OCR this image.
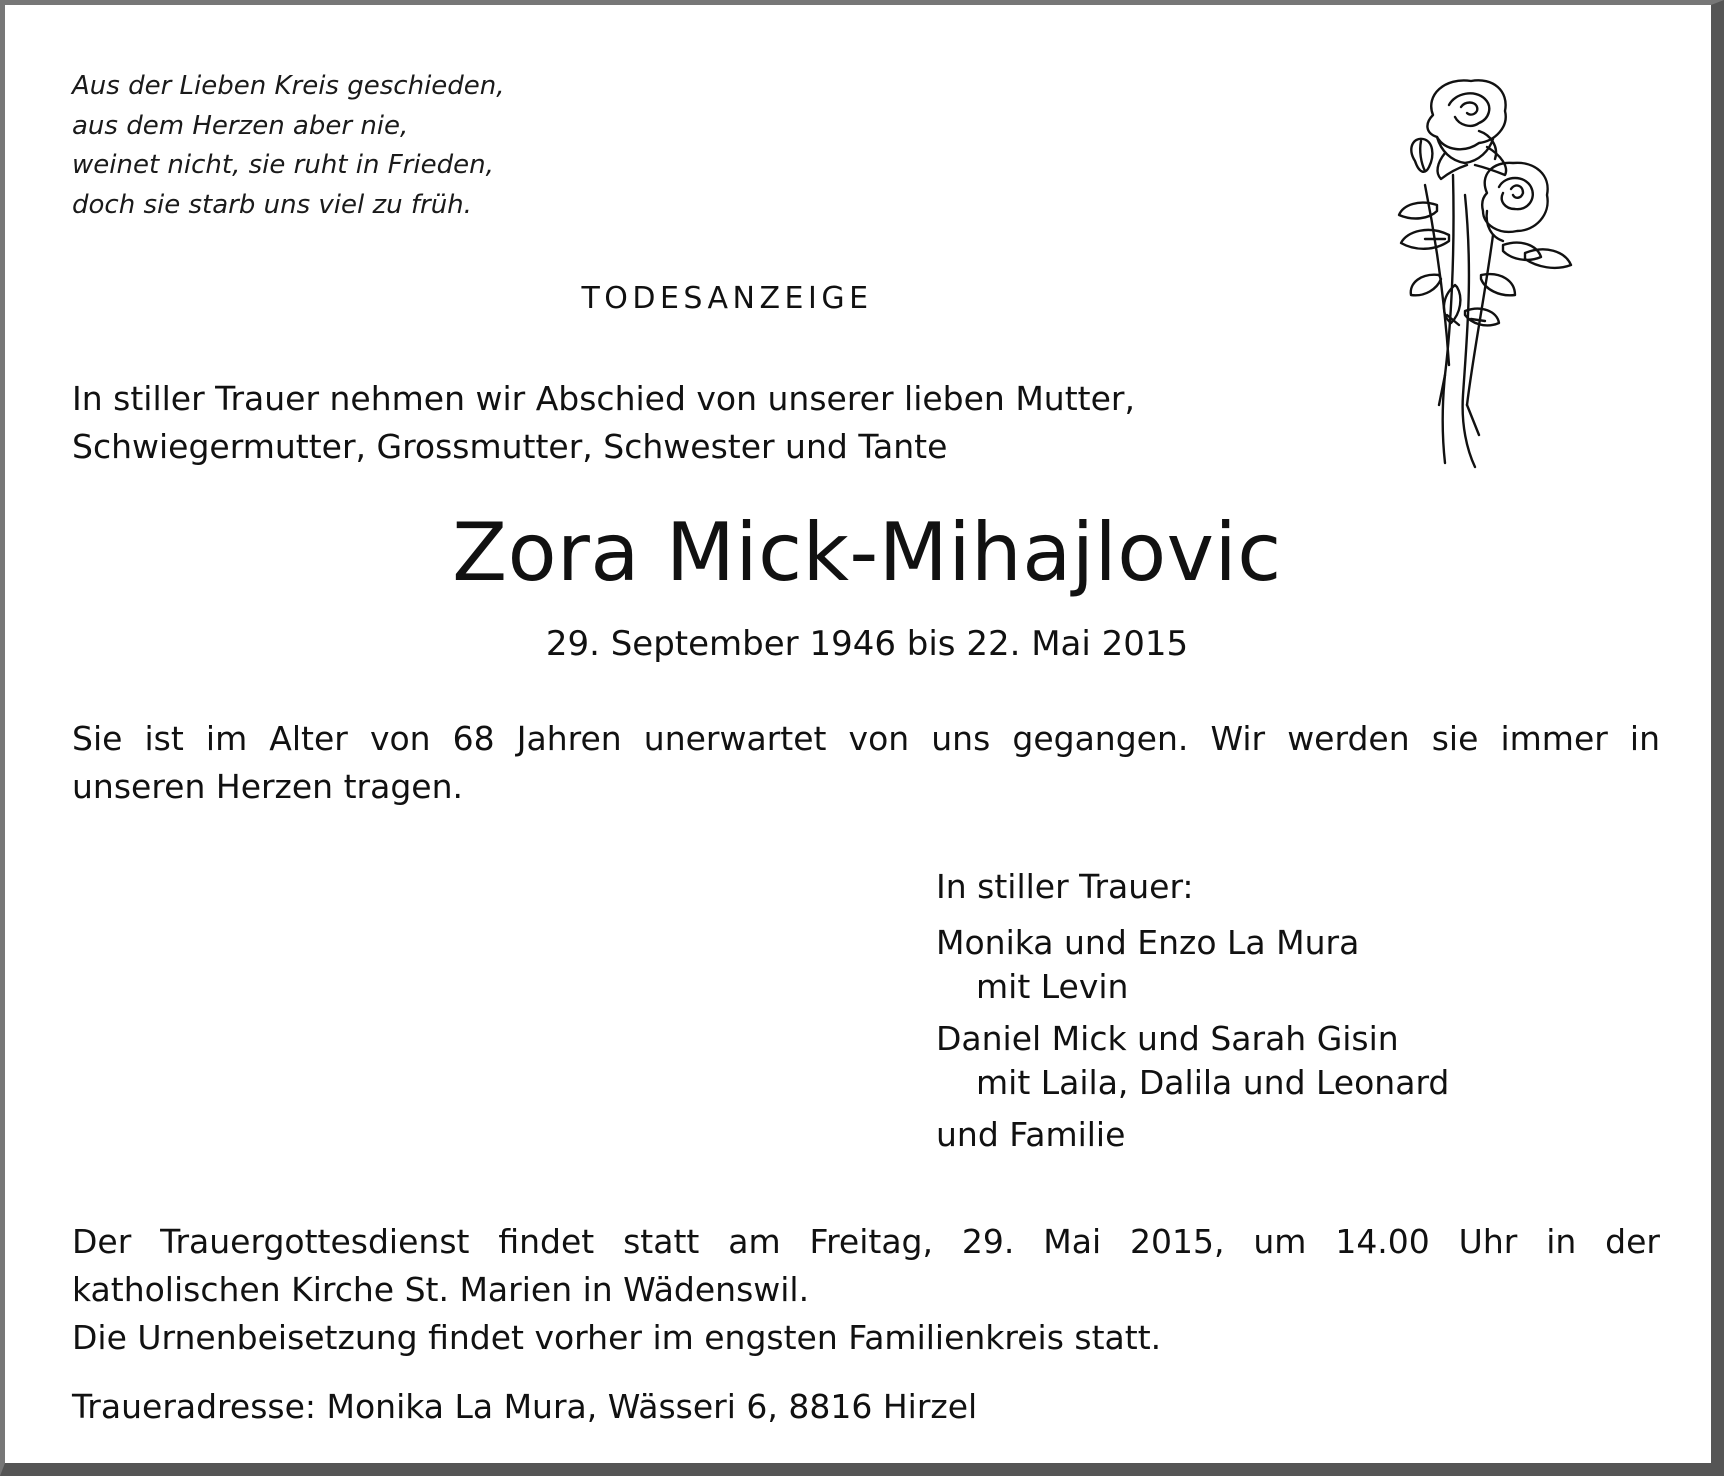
Aus der Lieben Kreis geschieden,
aus dem Herzen aber nie,
weinet nicht, sie ruht in Frieden,
doch sie starb uns viel zu früh.
TODESANZEIGE
In stiller Trauer nehmen wir Abschied von unserer lieben Mutter,
Schwiegermutter, Grossmutter, Schwester und Tante
Zora Mick-Mihajlovic
29. September 1946 bis 22. Mai 2015
Sie ist im Alter von 68 Jahren unerwartet von uns gegangen. Wir werden sie immer in
unseren Herzen tragen.
In stiller Trauer:
Monika und Enzo La Mura
mit Levin
Daniel Mick und Sarah Gisin
mit Laila, Dalila und Leonard
und Familie
Der Trauergottesdienst findet statt am Freitag, 29. Mai 2015, um 14.00 Uhr in der
katholischen Kirche St. Marien in Wädenswil.
Die Urnenbeisetzung findet vorher im engsten Familienkreis statt.
Traueradresse: Monika La Mura, Wässeri 6, 8816 Hirzel
